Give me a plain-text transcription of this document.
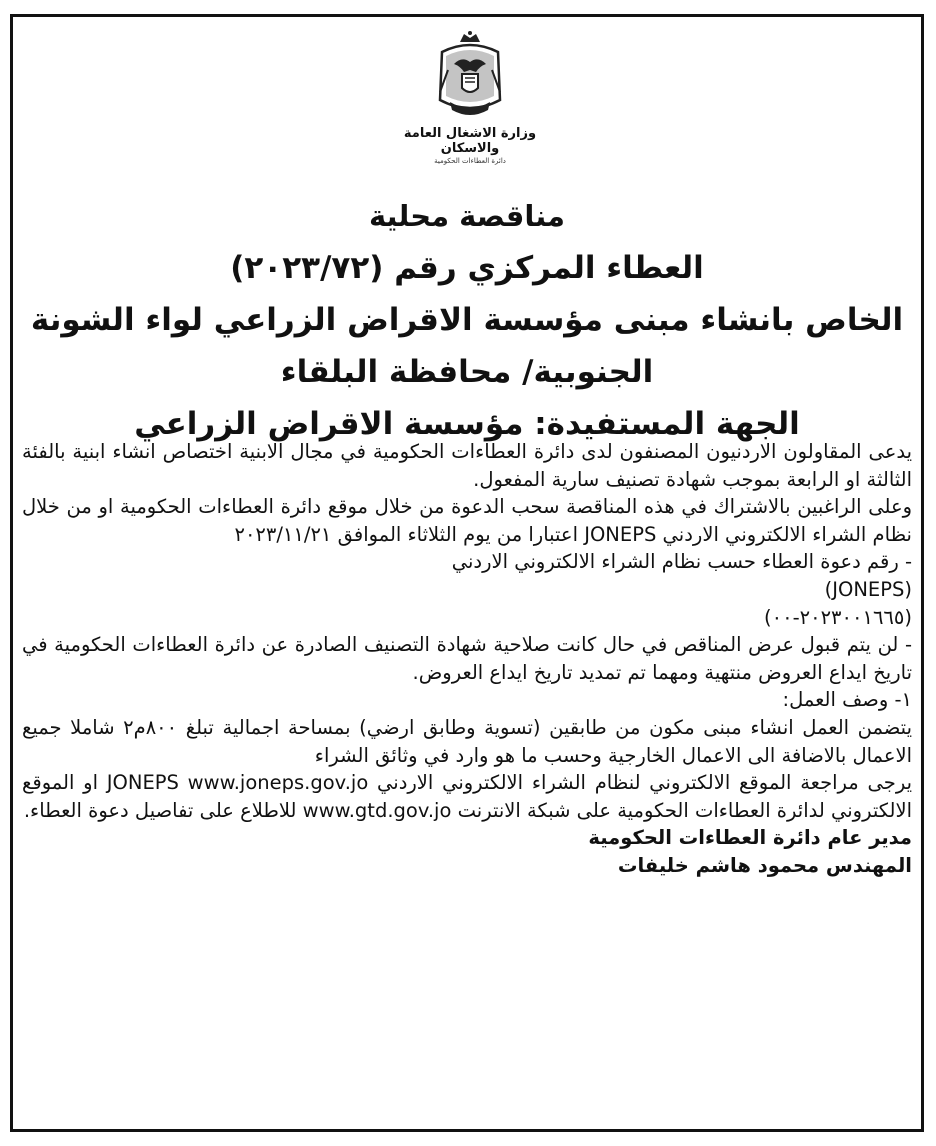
وزارة الاشغال العامة والاسكان
دائرة العطاءات الحكومية
مناقصة محلية
العطاء المركزي رقم (٢٠٢٣/٧٢)
الخاص بانشاء مبنى مؤسسة الاقراض الزراعي لواء الشونة
الجنوبية/ محافظة البلقاء
الجهة المستفيدة: مؤسسة الاقراض الزراعي

يدعى المقاولون الاردنيون المصنفون لدى دائرة العطاءات الحكومية في مجال الابنية اختصاص انشاء ابنية بالفئة الثالثة او الرابعة بموجب شهادة تصنيف سارية المفعول.

وعلى الراغبين بالاشتراك في هذه المناقصة سحب الدعوة من خلال موقع دائرة العطاءات الحكومية او من خلال نظام الشراء الالكتروني الاردني JONEPS اعتبارا من يوم الثلاثاء الموافق ٢٠٢٣/١١/٢١

- رقم دعوة العطاء حسب نظام الشراء الالكتروني الاردني

(JONEPS)

(٢٠٢٣٠٠١٦٦٥-٠٠)

- لن يتم قبول عرض المناقص في حال كانت صلاحية شهادة التصنيف الصادرة عن دائرة العطاءات الحكومية في تاريخ ايداع العروض منتهية ومهما تم تمديد تاريخ ايداع العروض.

١- وصف العمل:

يتضمن العمل انشاء مبنى مكون من طابقين (تسوية وطابق ارضي) بمساحة اجمالية تبلغ ٨٠٠م٢ شاملا جميع الاعمال بالاضافة الى الاعمال الخارجية وحسب ما هو وارد في وثائق الشراء

يرجى مراجعة الموقع الالكتروني لنظام الشراء الالكتروني الاردني JONEPS www.joneps.gov.jo او الموقع الالكتروني لدائرة العطاءات الحكومية على شبكة الانترنت www.gtd.gov.jo للاطلاع على تفاصيل دعوة العطاء.

مدير عام دائرة العطاءات الحكومية

المهندس محمود هاشم خليفات
